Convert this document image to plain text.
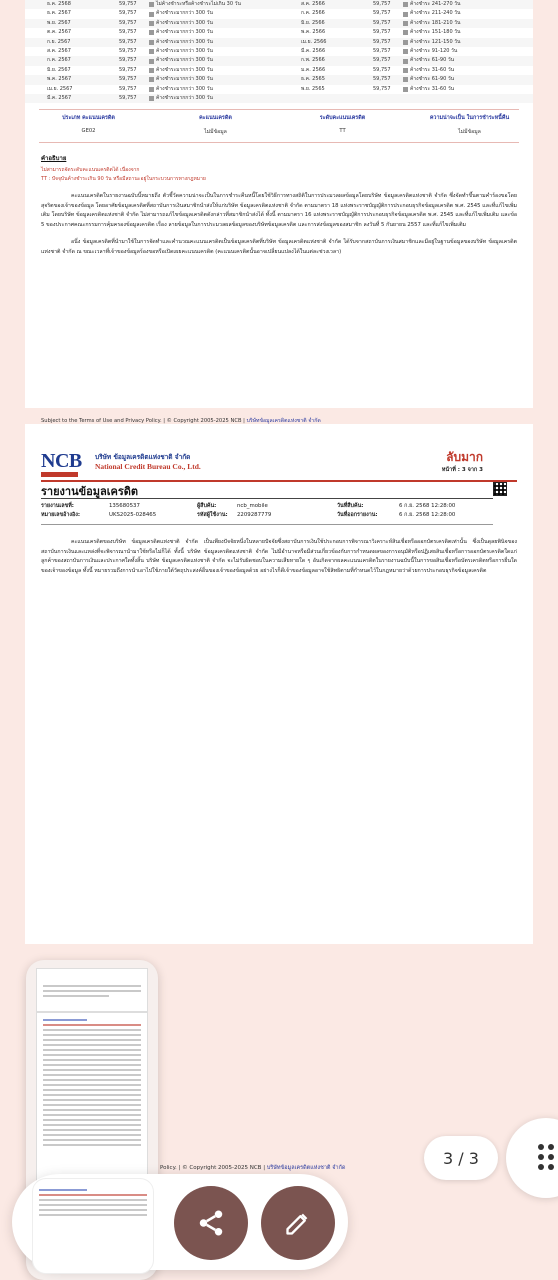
ธ.ค. 2568	59,757	ไม่ค้างชำระหรือค้างชำระไม่เกิน 30 วัน	ส.ค. 2566	59,757	ค้างชำระ 241-270 วัน
ธ.ค. 2567	59,757	ค้างชำระมากกว่า 300 วัน	ก.ค. 2566	59,757	ค้างชำระ 211-240 วัน
พ.ย. 2567	59,757	ค้างชำระมากกว่า 300 วัน	มิ.ย. 2566	59,757	ค้างชำระ 181-210 วัน
ต.ค. 2567	59,757	ค้างชำระมากกว่า 300 วัน	พ.ค. 2566	59,757	ค้างชำระ 151-180 วัน
ก.ย. 2567	59,757	ค้างชำระมากกว่า 300 วัน	เม.ย. 2566	59,757	ค้างชำระ 121-150 วัน
ส.ค. 2567	59,757	ค้างชำระมากกว่า 300 วัน	มี.ค. 2566	59,757	ค้างชำระ 91-120 วัน
ก.ค. 2567	59,757	ค้างชำระมากกว่า 300 วัน	ก.พ. 2566	59,757	ค้างชำระ 61-90 วัน
มิ.ย. 2567	59,757	ค้างชำระมากกว่า 300 วัน	ม.ค. 2566	59,757	ค้างชำระ 31-60 วัน
พ.ค. 2567	59,757	ค้างชำระมากกว่า 300 วัน	ธ.ค. 2565	59,757	ค้างชำระ 61-90 วัน
เม.ย. 2567	59,757	ค้างชำระมากกว่า 300 วัน	พ.ย. 2565	59,757	ค้างชำระ 31-60 วัน
มี.ค. 2567	59,757	ค้างชำระมากกว่า 300 วัน
ประเภท คะแนนเครดิต	คะแนนเครดิต	ระดับคะแนนเครดิต	ความน่าจะเป็น ในการชำระหนี้คืน
GE02	ไม่มีข้อมูล	TT	ไม่มีข้อมูล
คำอธิบาย
ไม่สามารถจัดระดับคะแนนเครดิตได้ เนื่องจาก
TT : ปัจจุบันค้างชำระเกิน 90 วัน หรือมีสถานะอยู่ในกระบวนการทางกฎหมาย
คะแนนเครดิตในรายงานฉบับนี้หมายถึง ตัวชี้วัดความน่าจะเป็นในการชำระคืนหนี้โดยใช้วิธีการทางสถิติในการประมวลผลข้อมูลโดยบริษัท ข้อมูลเครดิตแห่งชาติ จำกัด ซึ่งจัดทำขึ้นตามคำร้องขอโดยสุจริตของเจ้าของข้อมูล โดยอาศัยข้อมูลเครดิตที่สถาบันการเงินสมาชิกนำส่งให้แก่บริษัท ข้อมูลเครดิตแห่งชาติ จำกัด ตามมาตรา 18 แห่งพระราชบัญญัติการประกอบธุรกิจข้อมูลเครดิต พ.ศ. 2545 และที่แก้ไขเพิ่มเติม โดยบริษัท ข้อมูลเครดิตแห่งชาติ จำกัด ไม่สามารถแก้ไขข้อมูลเครดิตดังกล่าวที่สมาชิกนำส่งได้ ทั้งนี้ ตามมาตรา 16 แห่งพระราชบัญญัติการประกอบธุรกิจข้อมูลเครดิต พ.ศ. 2545 และที่แก้ไขเพิ่มเติม และข้อ 5 ของประกาศคณะกรรมการคุ้มครองข้อมูลเครดิต เรื่อง ลายข้อมูลในการประมวลผลข้อมูลของบริษัทข้อมูลเครดิต และการส่งข้อมูลของสมาชิก ลงวันที่ 5 กันยายน 2557 และที่แก้ไขเพิ่มเติม
อนึ่ง ข้อมูลเครดิตที่นำมาใช้ในการจัดทำและคำนวณคะแนนเครดิตเป็นข้อมูลเครดิตที่บริษัท ข้อมูลเครดิตแห่งชาติ จำกัด ได้รับจากสถาบันการเงินสมาชิกและมีอยู่ในฐานข้อมูลของบริษัท ข้อมูลเครดิตแห่งชาติ จำกัด ณ ขณะเวลาที่เจ้าของข้อมูลร้องขอหรือเปิดเผยคะแนนเครดิต (คะแนนเครดิตนั้นอาจเปลี่ยนแปลงได้ในแต่ละช่วงเวลา)
Subject to the Terms of Use and Privacy Policy. | © Copyright 2005-2025 NCB | บริษัทข้อมูลเครดิตแห่งชาติ จำกัด
NCB บริษัท ข้อมูลเครดิตแห่งชาติ จำกัด
National Credit Bureau Co., Ltd.
ลับมาก
หน้าที่ : 3 จาก 3
รายงานข้อมูลเครดิต
รายงานเลขที่:	135680537	ผู้สืบค้น:	ncb_mobile	วันที่สืบค้น:	6 ก.ย. 2568 12:28:00
หมายเลขอ้างอิง:	UKS2025-028465	รหัสผู้ใช้งาน:	2209287779	วันที่ออกรายงาน:	6 ก.ย. 2568 12:28:00
คะแนนเครดิตของบริษัท ข้อมูลเครดิตแห่งชาติ จำกัด เป็นเพียงปัจจัยหนึ่งในหลายปัจจัยซึ่งสถาบันการเงินใช้ประกอบการพิจารณาวิเคราะห์สินเชื่อหรือออกบัตรเครดิตเท่านั้น ซึ่งเป็นดุลยพินิจของสถาบันการเงินและแหล่งที่จะพิจารณานำมาใช้หรือไม่ก็ได้ ทั้งนี้ บริษัท ข้อมูลเครดิตแห่งชาติ จำกัด ไม่มีอำนาจหรือมีส่วนเกี่ยวข้องกับการกำหนดผลของการอนุมัติหรือปฏิเสธสินเชื่อหรือการออกบัตรเครดิตใดแก่ลูกค้าของสถาบันการเงินและประกาศใดทั้งสิ้น บริษัท ข้อมูลเครดิตแห่งชาติ จำกัด จะไม่รับผิดชอบในความเสียหายใด ๆ อันเกิดจากผลคะแนนเครดิตในรายงานฉบับนี้ในการขอสินเชื่อหรือบัตรเครดิตหรือการยื่นใดของเจ้าของข้อมูล ทั้งนี้ หมายรวมถึงการนำเอาไปใช้ภายใต้วัตถุประสงค์อื่นของเจ้าของข้อมูลด้วย อย่างไรก็ดีเจ้าของข้อมูลอาจใช้สิทธิตามที่กำหนดไว้ในกฎหมายว่าด้วยการประกอบธุรกิจข้อมูลเครดิต
Policy. | © Copyright 2005-2025 NCB | บริษัทข้อมูลเครดิตแห่งชาติ จำกัด
3 / 3
